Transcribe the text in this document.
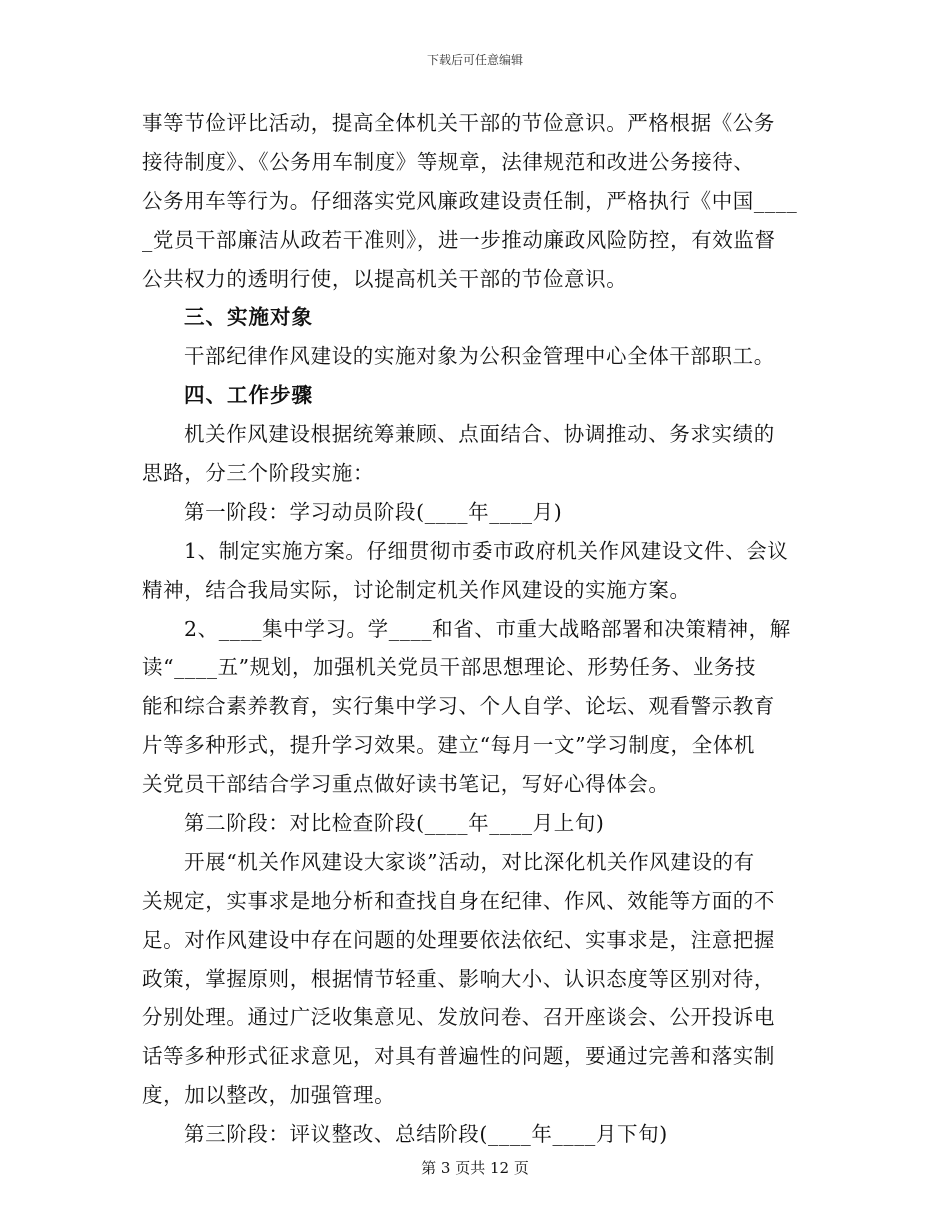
下载后可任意编辑
事等节俭评比活动，提高全体机关干部的节俭意识。严格根据《公务
接待制度》、《公务用车制度》等规章，法律规范和改进公务接待、
公务用车等行为。仔细落实党风廉政建设责任制，严格执行《中国____
_党员干部廉洁从政若干准则》，进一步推动廉政风险防控，有效监督
公共权力的透明行使，以提高机关干部的节俭意识。
三、实施对象
干部纪律作风建设的实施对象为公积金管理中心全体干部职工。
四、工作步骤
机关作风建设根据统筹兼顾、点面结合、协调推动、务求实绩的
思路，分三个阶段实施：
第一阶段：学习动员阶段(____年____月)
1、制定实施方案。仔细贯彻市委市政府机关作风建设文件、会议
精神，结合我局实际，讨论制定机关作风建设的实施方案。
2、____集中学习。学____和省、市重大战略部署和决策精神，解
读“____五”规划，加强机关党员干部思想理论、形势任务、业务技
能和综合素养教育，实行集中学习、个人自学、论坛、观看警示教育
片等多种形式，提升学习效果。建立“每月一文”学习制度，全体机
关党员干部结合学习重点做好读书笔记，写好心得体会。
第二阶段：对比检查阶段(____年____月上旬)
开展“机关作风建设大家谈”活动，对比深化机关作风建设的有
关规定，实事求是地分析和查找自身在纪律、作风、效能等方面的不
足。对作风建设中存在问题的处理要依法依纪、实事求是，注意把握
政策，掌握原则，根据情节轻重、影响大小、认识态度等区别对待，
分别处理。通过广泛收集意见、发放问卷、召开座谈会、公开投诉电
话等多种形式征求意见，对具有普遍性的问题，要通过完善和落实制
度，加以整改，加强管理。
第三阶段：评议整改、总结阶段(____年____月下旬)
第 3 页共 12 页
